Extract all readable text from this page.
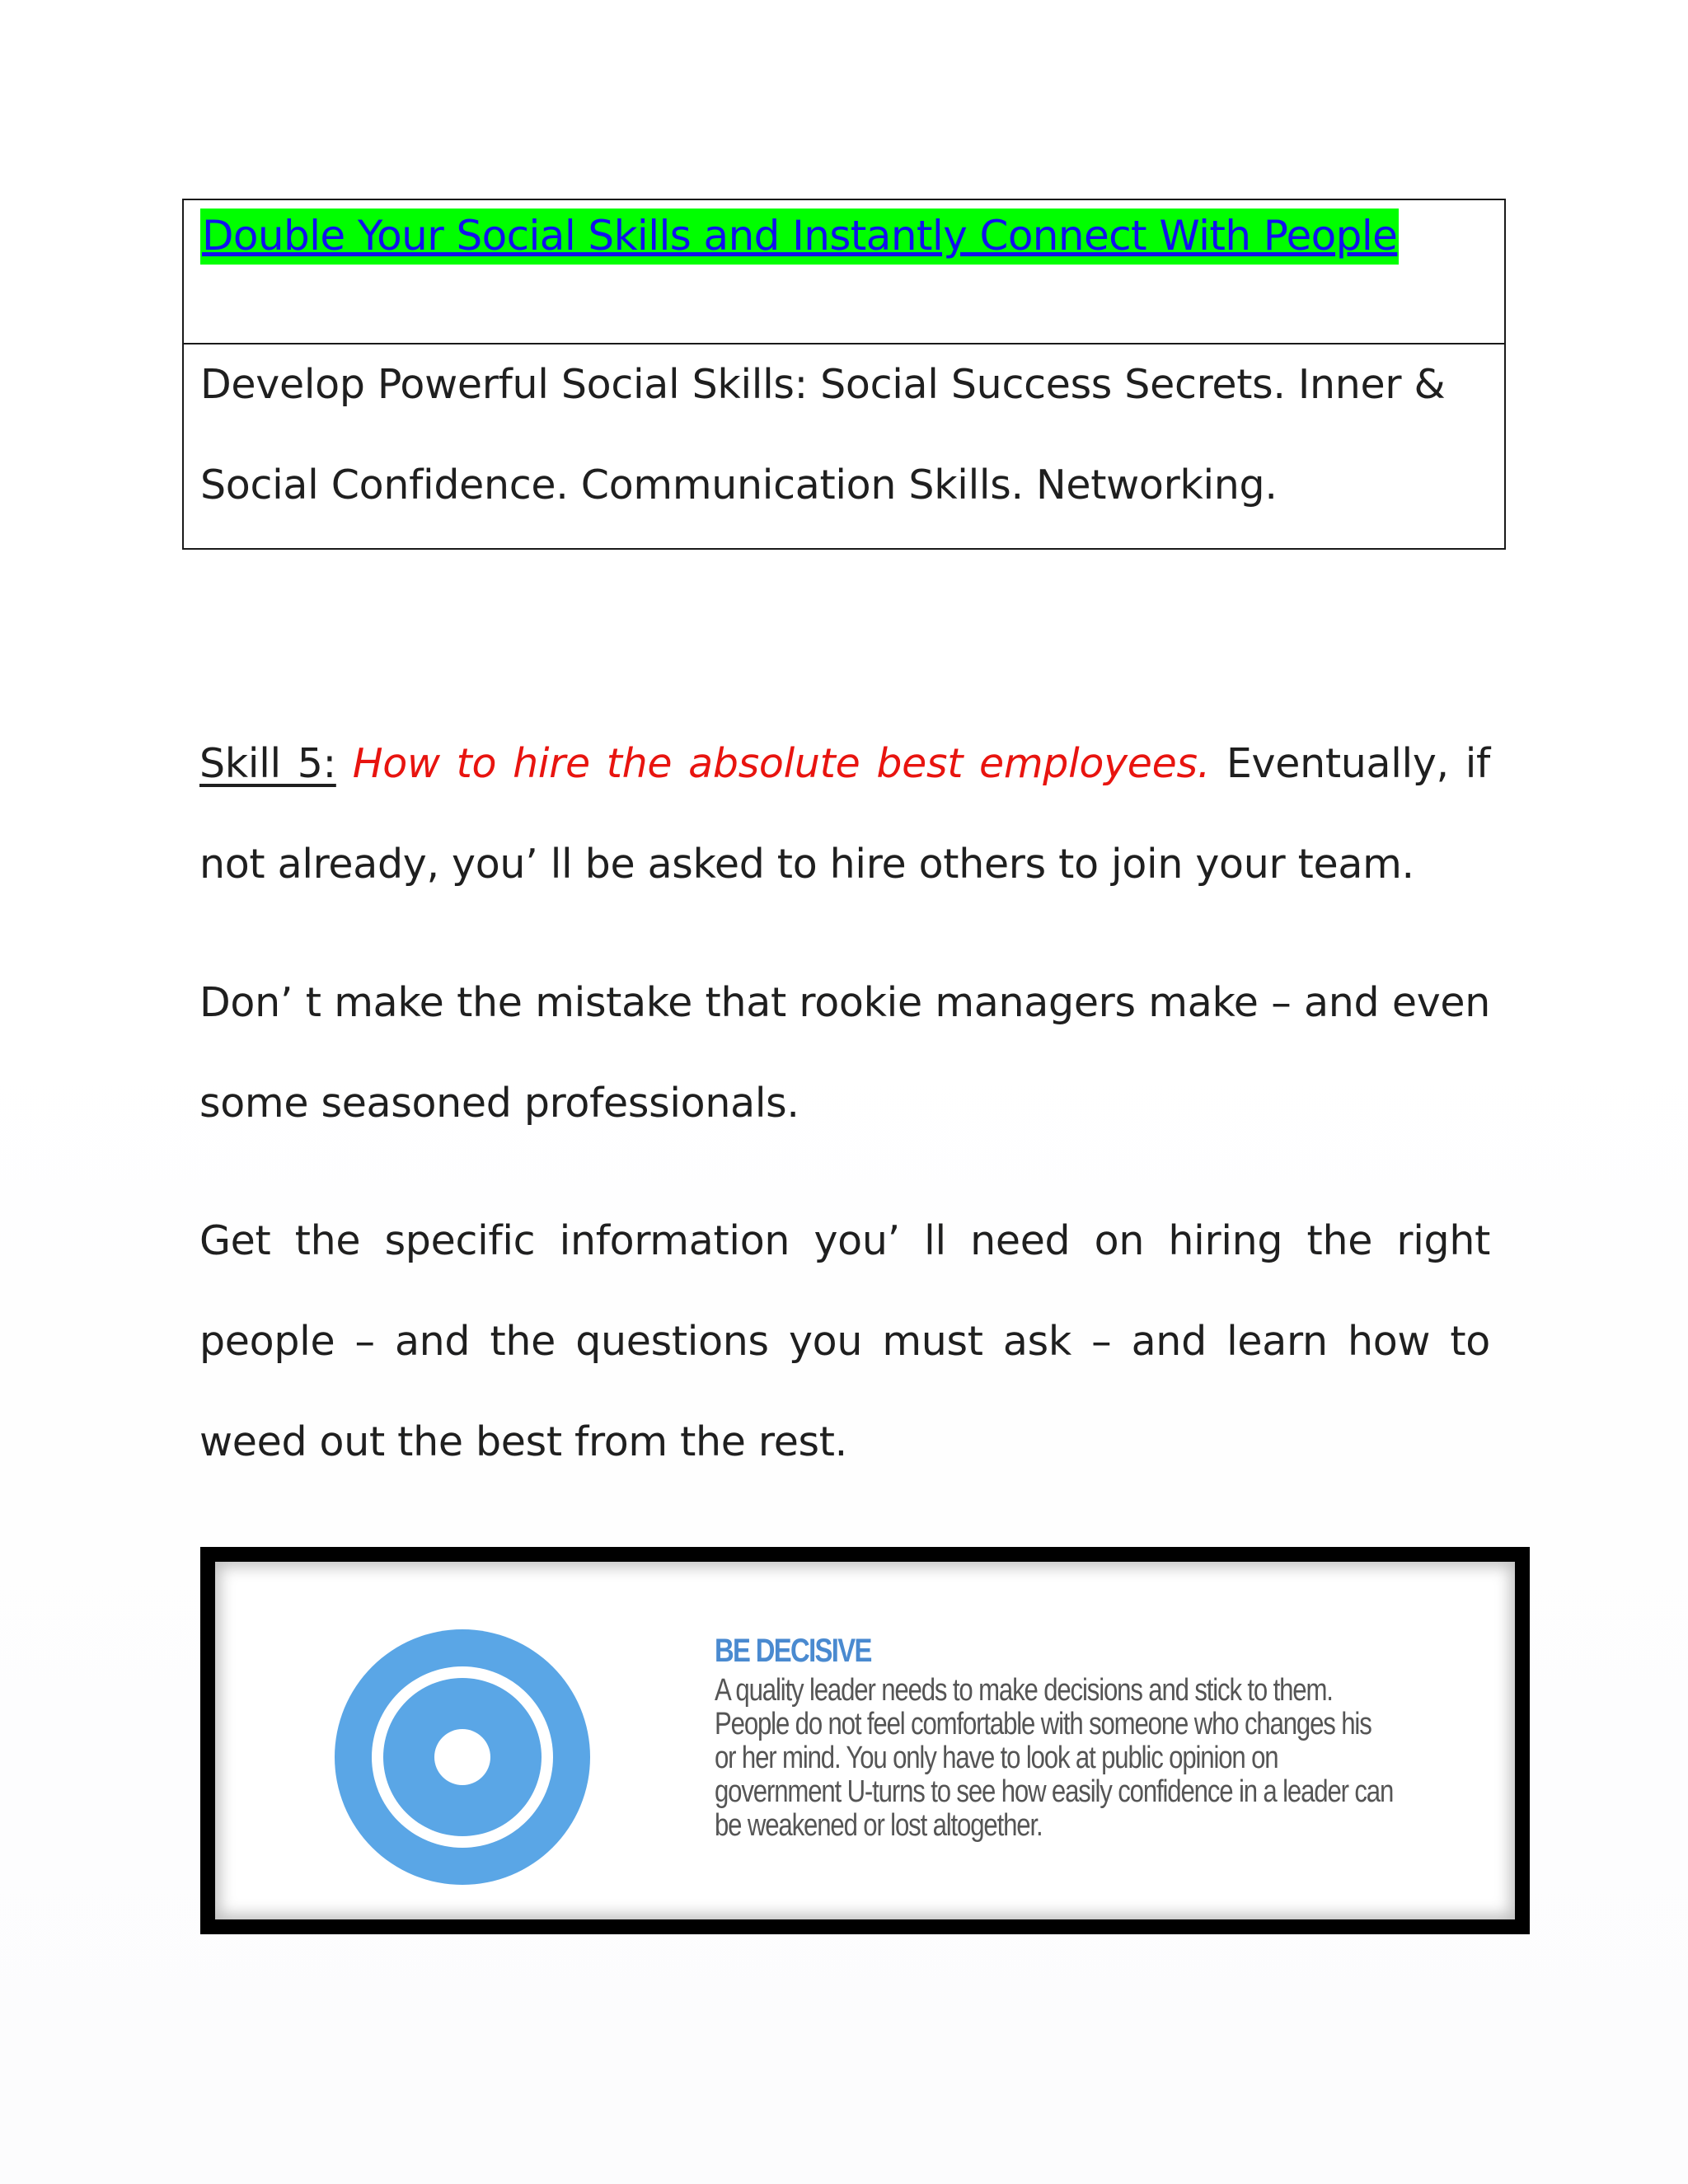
Double Your Social Skills and Instantly Connect With People
Develop Powerful Social Skills: Social Success Secrets. Inner & Social Confidence. Communication Skills. Networking.
Skill 5: How to hire the absolute best employees. Eventually, if not already, you’ ll be asked to hire others to join your team.
Don’ t make the mistake that rookie managers make – and even some seasoned professionals.
Get the specific information you’ ll need on hiring the right people – and the questions you must ask – and learn how to weed out the best from the rest.
BE DECISIVE
A quality leader needs to make decisions and stick to them.
People do not feel comfortable with someone who changes his
or her mind. You only have to look at public opinion on
government U-turns to see how easily confidence in a leader can
be weakened or lost altogether.
